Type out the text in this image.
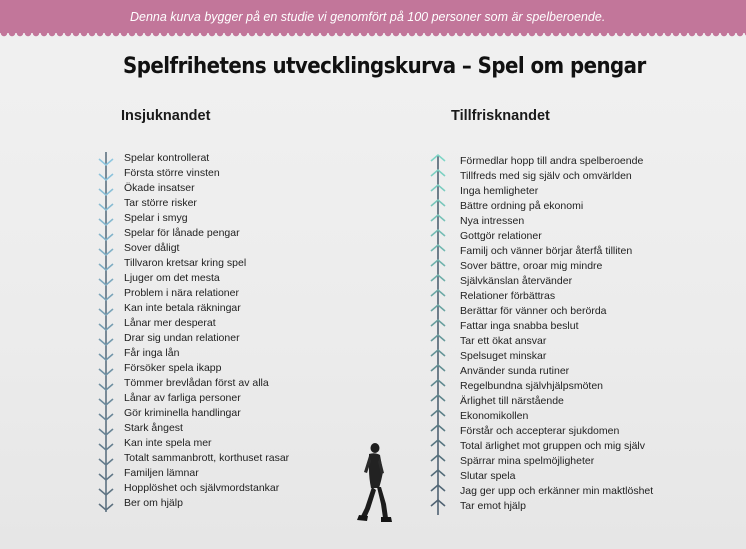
Denna kurva bygger på en studie vi genomfört på 100 personer som är spelberoende.
Spelfrihetens utvecklingskurva – Spel om pengar
Insjuknandet	Tillfrisknandet
Spelar kontrollerat
Första större vinsten
Ökade insatser
Tar större risker
Spelar i smyg
Spelar för lånade pengar
Sover dåligt
Tillvaron kretsar kring spel
Ljuger om det mesta
Problem i nära relationer
Kan inte betala räkningar
Lånar mer desperat
Drar sig undan relationer
Får inga lån
Försöker spela ikapp
Tömmer brevlådan först av alla
Lånar av farliga personer
Gör kriminella handlingar
Stark ångest
Kan inte spela mer
Totalt sammanbrott, korthuset rasar
Familjen lämnar
Hopplöshet och självmordstankar
Ber om hjälp
Förmedlar hopp till andra spelberoende
Tillfreds med sig själv och omvärlden
Inga hemligheter
Bättre ordning på ekonomi
Nya intressen
Gottgör relationer
Familj och vänner börjar återfå tilliten
Sover bättre, oroar mig mindre
Självkänslan återvänder
Relationer förbättras
Berättar för vänner och berörda
Fattar inga snabba beslut
Tar ett ökat ansvar
Spelsuget minskar
Använder sunda rutiner
Regelbundna självhjälpsmöten
Ärlighet till närstående
Ekonomikollen
Förstår och accepterar sjukdomen
Total ärlighet mot gruppen och mig själv
Spärrar mina spelmöjligheter
Slutar spela
Jag ger upp och erkänner min maktlöshet
Tar emot hjälp
